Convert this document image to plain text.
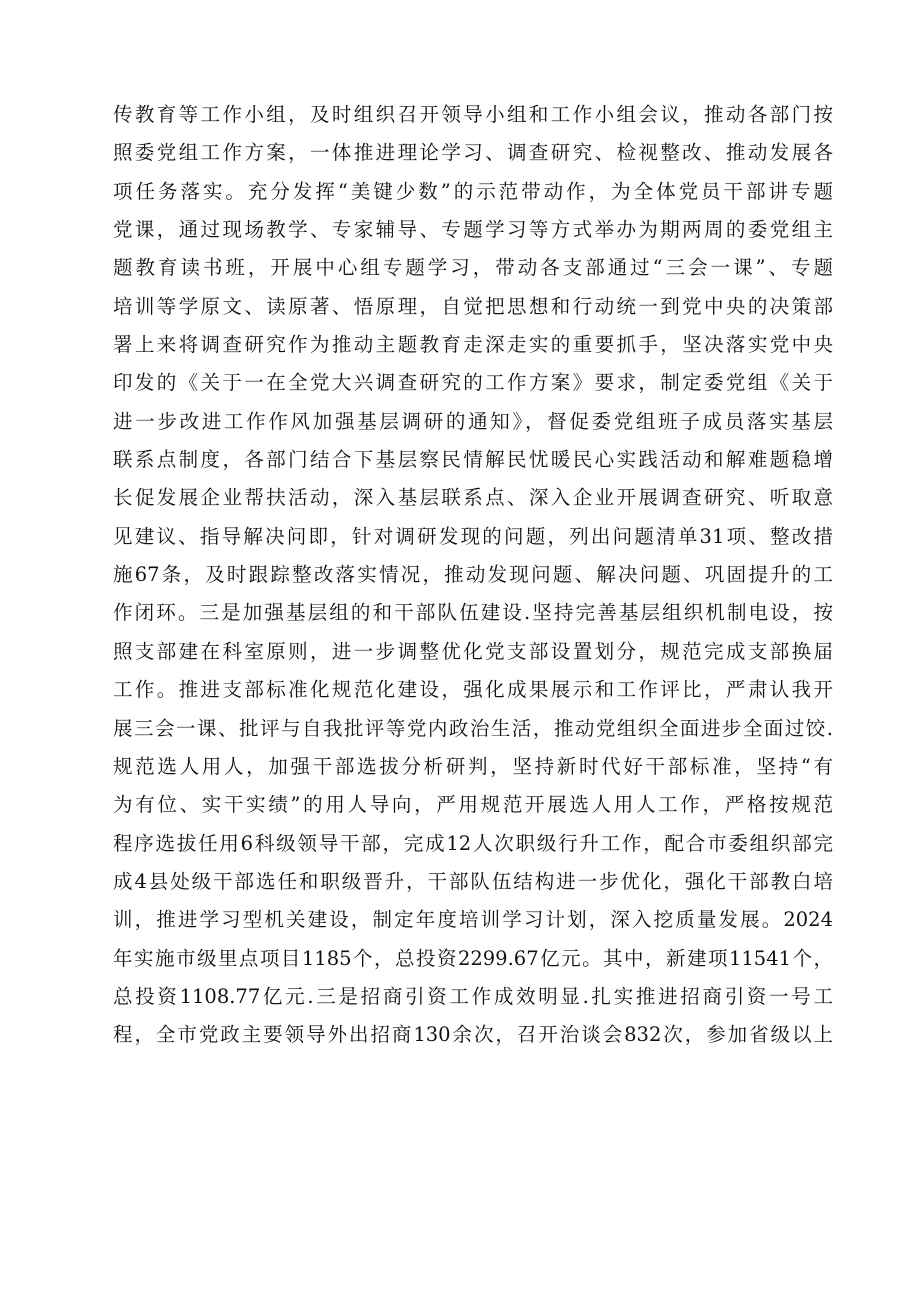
传教育等工作小组，及时组织召开领导小组和工作小组会议，推动各部门按
照委党组工作方案，一体推进理论学习、调查研究、检视整改、推动发展各
项任务落实。充分发挥“美键少数”的示范带动作，为全体党员干部讲专题
党课，通过现场教学、专家辅导、专题学习等方式举办为期两周的委党组主
题教育读书班，开展中心组专题学习，带动各支部通过“三会一课”、专题
培训等学原文、读原著、悟原理，自觉把思想和行动统一到党中央的决策部
署上来将调查研究作为推动主题教育走深走实的重要抓手，坚决落实党中央
印发的《关于一在全党大兴调查研究的工作方案》要求，制定委党组《关于
进一步改进工作作风加强基层调研的通知》，督促委党组班子成员落实基层
联系点制度，各部门结合下基层察民情解民忧暖民心实践活动和解难题稳增
长促发展企业帮扶活动，深入基层联系点、深入企业开展调查研究、听取意
见建议、指导解决问即，针对调研发现的问题，列出问题清单31项、整改措
施67条，及时跟踪整改落实情况，推动发现问题、解决问题、巩固提升的工
作闭环。三是加强基层组的和干部队伍建设.坚持完善基层组织机制电设，按
照支部建在科室原则，进一步调整优化党支部设置划分，规范完成支部换届
工作。推进支部标准化规范化建设，强化成果展示和工作评比，严肃认我开
展三会一课、批评与自我批评等党内政治生活，推动党组织全面进步全面过饺.
规范选人用人，加强干部选拔分析研判，坚持新时代好干部标准，坚持“有
为有位、实干实绩”的用人导向，严用规范开展选人用人工作，严格按规范
程序选拔任用6科级领导干部，完成12人次职级行升工作，配合市委组织部完
成4县处级干部选任和职级晋升，干部队伍结构进一步优化，强化干部教白培
训，推进学习型机关建设，制定年度培训学习计划，深入挖质量发展。2024
年实施市级里点项目1185个，总投资2299.67亿元。其中，新建项11541个，
总投资1108.77亿元.三是招商引资工作成效明显.扎实推进招商引资一号工
程，全市党政主要领导外出招商130余次，召开治谈会832次，参加省级以上
